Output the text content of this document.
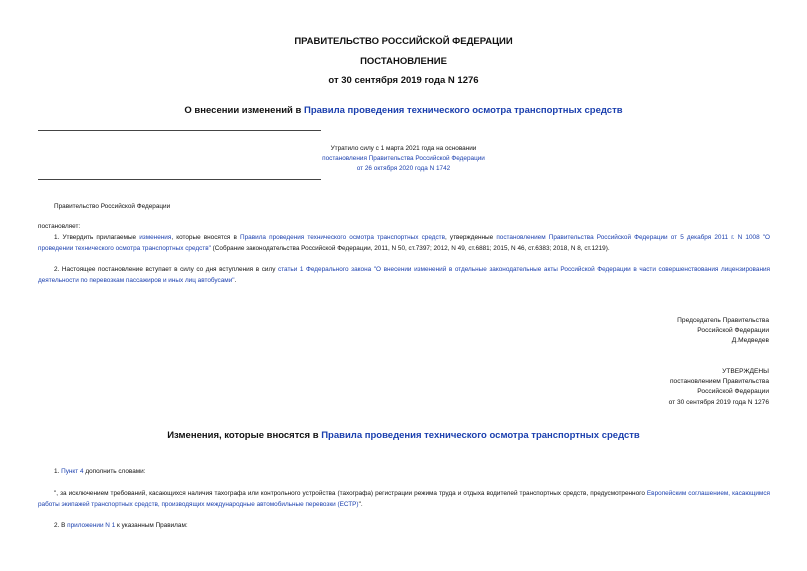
ПРАВИТЕЛЬСТВО РОССИЙСКОЙ ФЕДЕРАЦИИ
ПОСТАНОВЛЕНИЕ
от 30 сентября 2019 года N 1276
О внесении изменений в Правила проведения технического осмотра транспортных средств
Утратило силу с 1 марта 2021 года на основании
постановления Правительства Российской Федерации
от 26 октября 2020 года N 1742
Правительство Российской Федерации
постановляет:
1. Утвердить прилагаемые изменения, которые вносятся в Правила проведения технического осмотра транспортных средств, утвержденные постановлением Правительства Российской Федерации от 5 декабря 2011 г. N 1008 "О проведении технического осмотра транспортных средств" (Собрание законодательства Российской Федерации, 2011, N 50, ст.7397; 2012, N 49, ст.6881; 2015, N 46, ст.6383; 2018, N 8, ст.1219).
2. Настоящее постановление вступает в силу со дня вступления в силу статьи 1 Федерального закона "О внесении изменений в отдельные законодательные акты Российской Федерации в части совершенствования лицензирования деятельности по перевозкам пассажиров и иных лиц автобусами".
Председатель Правительства
Российской Федерации
Д.Медведев
УТВЕРЖДЕНЫ
постановлением Правительства
Российской Федерации
от 30 сентября 2019 года N 1276
Изменения, которые вносятся в Правила проведения технического осмотра транспортных средств
1. Пункт 4 дополнить словами:
", за исключением требований, касающихся наличия тахографа или контрольного устройства (тахографа) регистрации режима труда и отдыха водителей транспортных средств, предусмотренного Европейским соглашением, касающимся работы экипажей транспортных средств, производящих международные автомобильные перевозки (ЕСТР)".
2. В приложении N 1 к указанным Правилам:
